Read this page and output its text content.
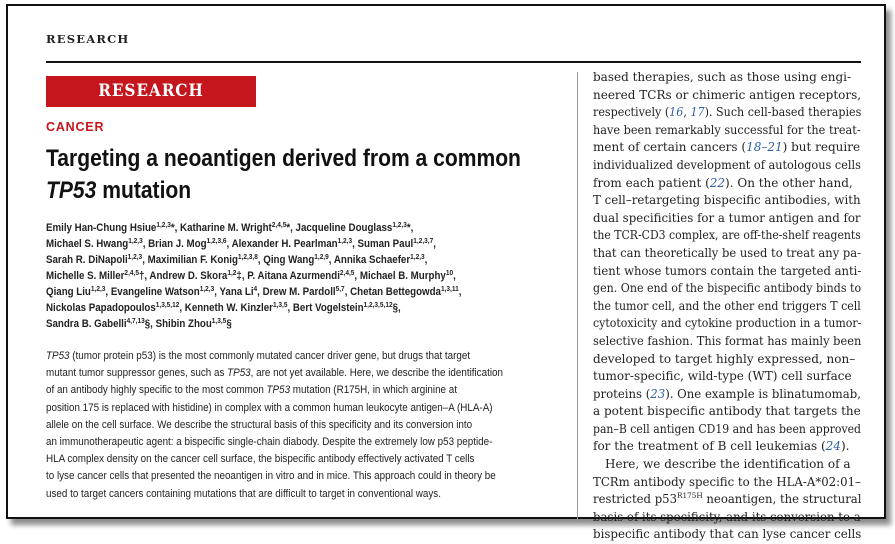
RESEARCH
RESEARCH ARTICLE
CANCER
Targeting a neoantigen derived from a common
TP53 mutation
Emily Han-Chung Hsiue$^{1,2,3}$*, Katharine M. Wright$^{2,4,5}$*, Jacqueline Douglass$^{1,2,3}$*,
Michael S. Hwang$^{1,2,3}$, Brian J. Mog$^{1,2,3,6}$, Alexander H. Pearlman$^{1,2,3}$, Suman Paul$^{1,2,3,7}$,
Sarah R. DiNapoli$^{1,2,3}$, Maximilian F. Konig$^{1,2,3,8}$, Qing Wang$^{1,2,9}$, Annika Schaefer$^{1,2,3}$,
Michelle S. Miller$^{2,4,5}$†, Andrew D. Skora$^{1,2}$‡, P. Aitana Azurmendi$^{2,4,5}$, Michael B. Murphy$^{10}$,
Qiang Liu$^{1,2,3}$, Evangeline Watson$^{1,2,3}$, Yana Li$^4$, Drew M. Pardoll$^{5,7}$, Chetan Bettegowda$^{1,3,11}$,
Nickolas Papadopoulos$^{1,3,5,12}$, Kenneth W. Kinzler$^{1,3,5}$, Bert Vogelstein$^{1,2,3,5,12}$§,
Sandra B. Gabelli$^{4,7,13}$§, Shibin Zhou$^{1,3,5}$§
TP53 (tumor protein p53) is the most commonly mutated cancer driver gene, but drugs that target
mutant tumor suppressor genes, such as TP53, are not yet available. Here, we describe the identification
of an antibody highly specific to the most common TP53 mutation (R175H, in which arginine at
position 175 is replaced with histidine) in complex with a common human leukocyte antigen–A (HLA-A)
allele on the cell surface. We describe the structural basis of this specificity and its conversion into
an immunotherapeutic agent: a bispecific single-chain diabody. Despite the extremely low p53 peptide-
HLA complex density on the cancer cell surface, the bispecific antibody effectively activated T cells
to lyse cancer cells that presented the neoantigen in vitro and in mice. This approach could in theory be
used to target cancers containing mutations that are difficult to target in conventional ways.
based therapies, such as those using engi-
neered TCRs or chimeric antigen receptors,
respectively (16, 17). Such cell-based therapies
have been remarkably successful for the treat-
ment of certain cancers (18–21) but require
individualized development of autologous cells
from each patient (22). On the other hand,
T cell–retargeting bispecific antibodies, with
dual specificities for a tumor antigen and for
the TCR-CD3 complex, are off-the-shelf reagents
that can theoretically be used to treat any pa-
tient whose tumors contain the targeted anti-
gen. One end of the bispecific antibody binds to
the tumor cell, and the other end triggers T cell
cytotoxicity and cytokine production in a tumor-
selective fashion. This format has mainly been
developed to target highly expressed, non–
tumor-specific, wild-type (WT) cell surface
proteins (23). One example is blinatumomab,
a potent bispecific antibody that targets the
pan–B cell antigen CD19 and has been approved
for the treatment of B cell leukemias (24).
Here, we describe the identification of a
TCRm antibody specific to the HLA-A*02:01–
restricted $p53^{R175H}$ neoantigen, the structural
basis of its specificity, and its conversion to a
bispecific antibody that can lyse cancer cells
